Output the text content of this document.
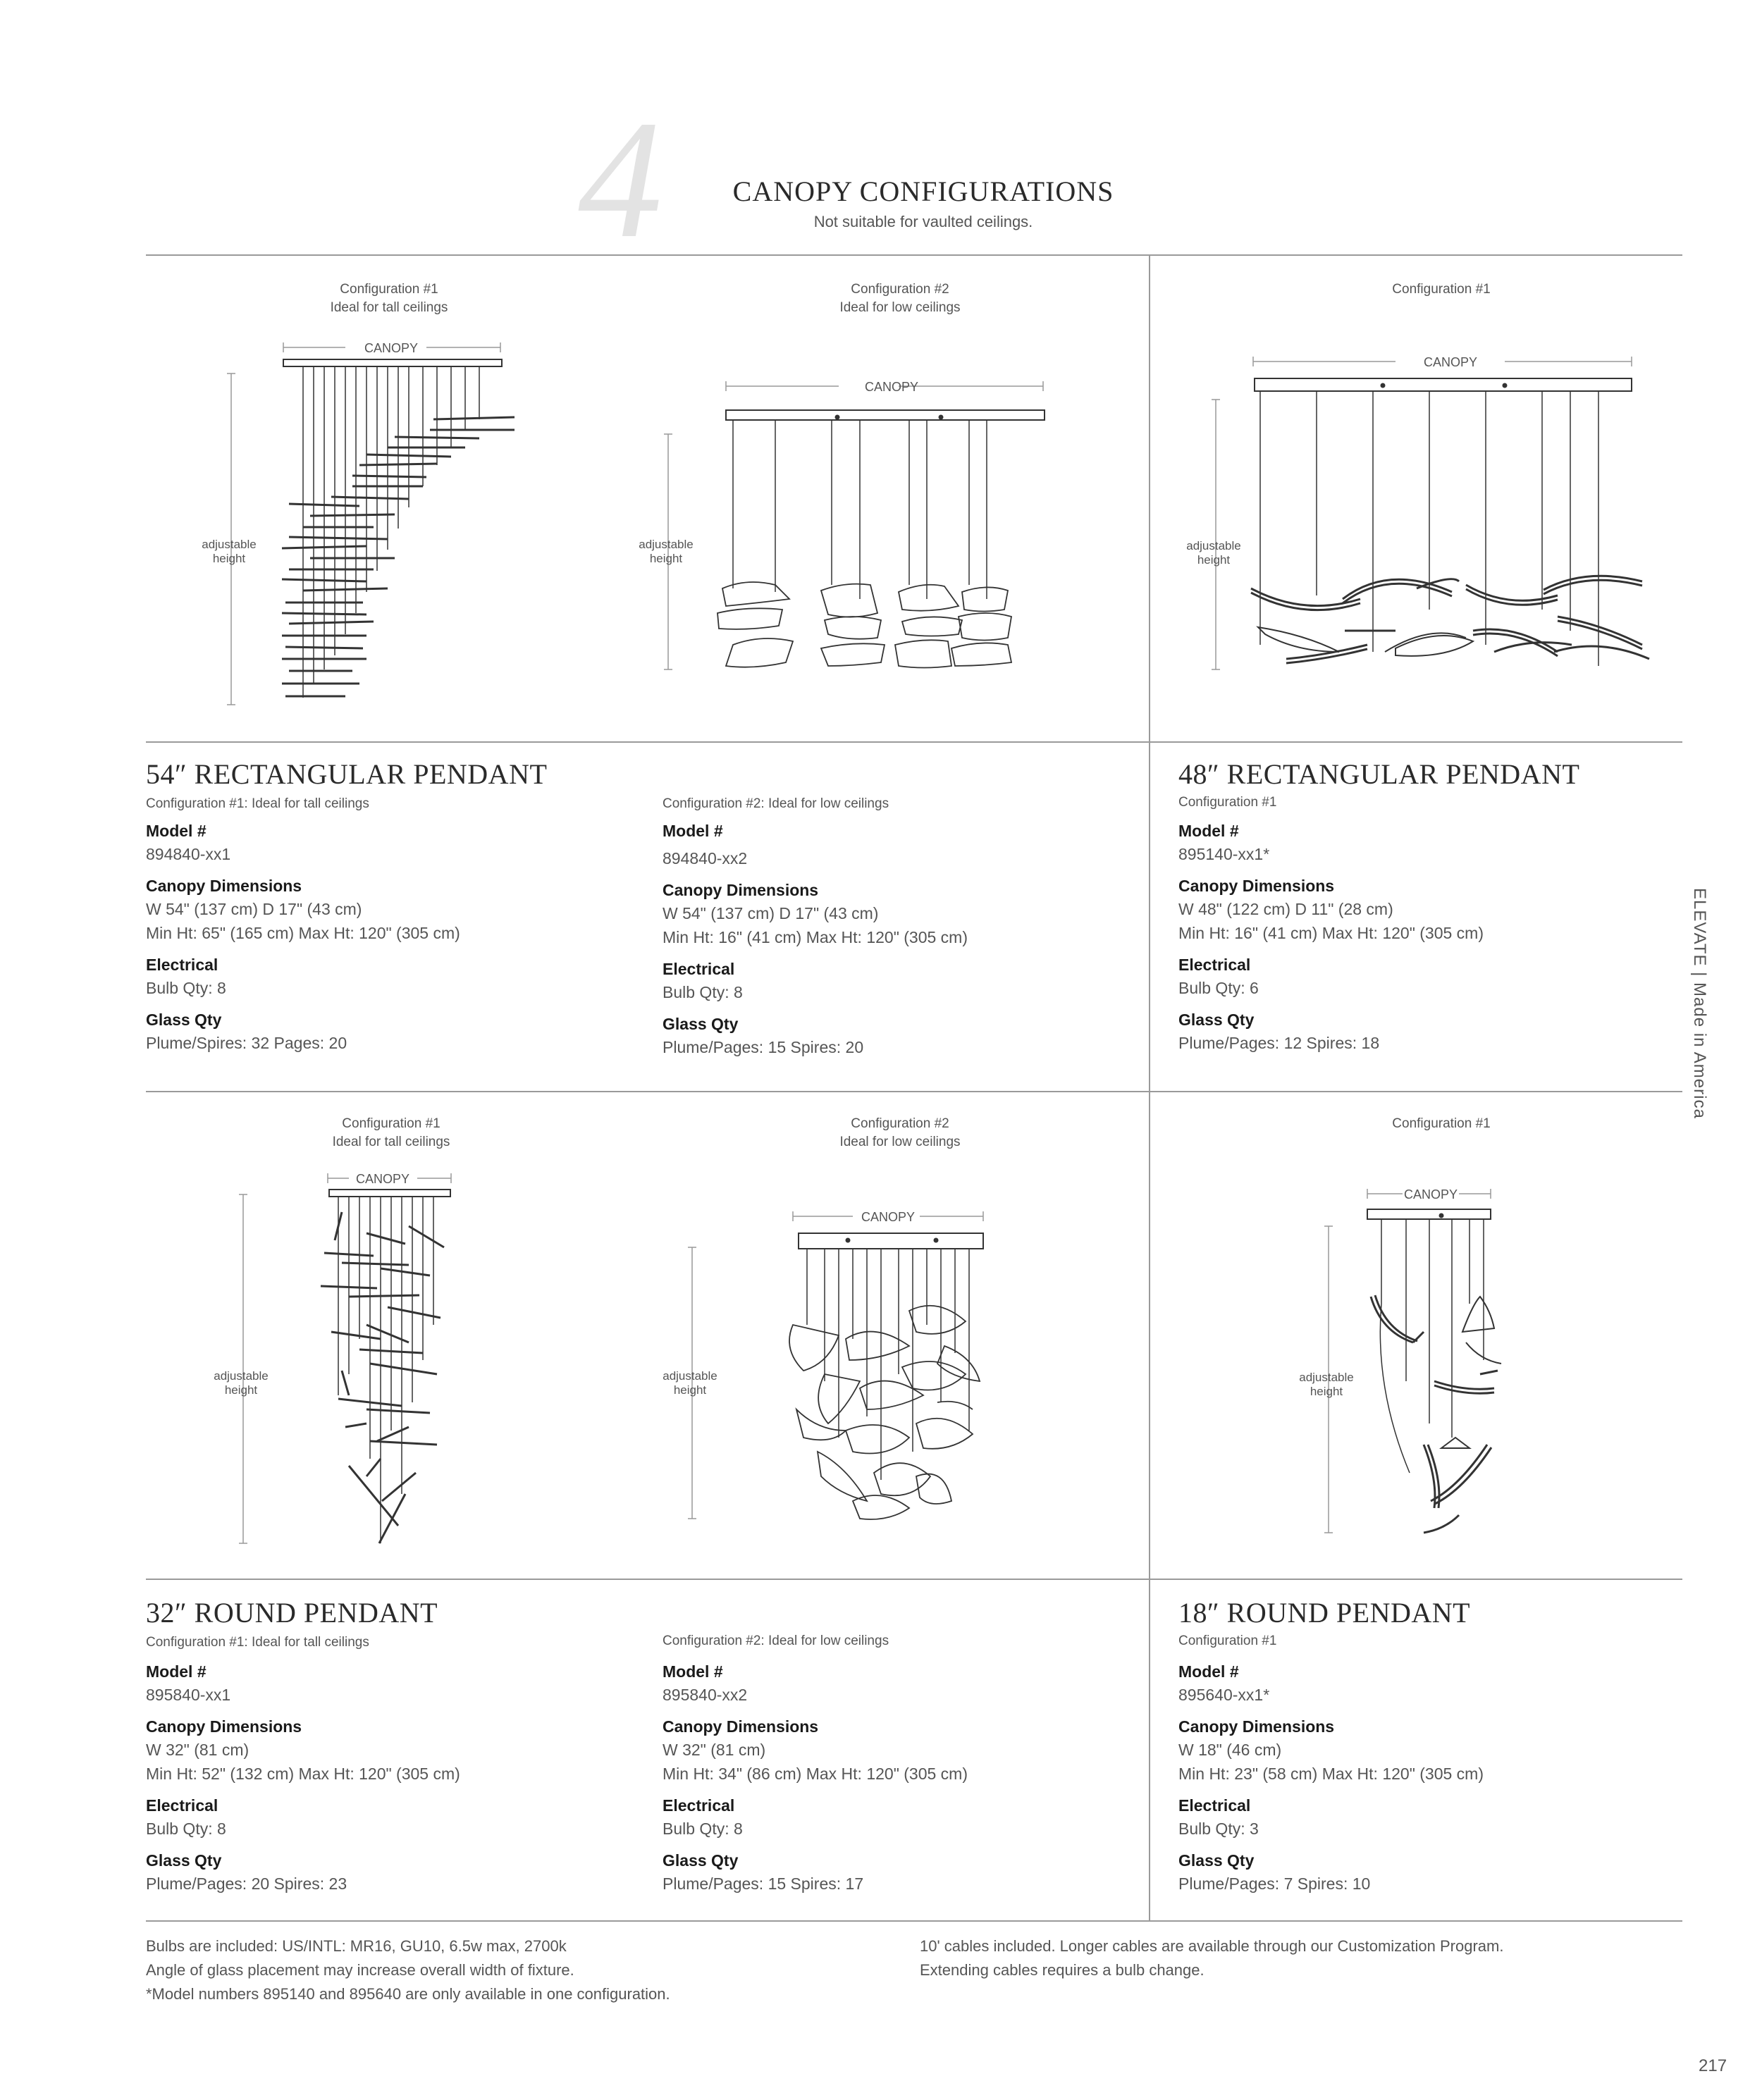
4	CANOPY CONFIGURATIONS
Not suitable for vaulted ceilings.
Configuration #1
Ideal for tall ceilings
Configuration #2
Ideal for low ceilings
Configuration #1
CANOPY
adjustable
height
CANOPY
adjustable
height
CANOPY
adjustable
height
54″ RECTANGULAR PENDANT
Configuration #1: Ideal for tall ceilings
Model #
894840-xx1
Canopy Dimensions
W 54" (137 cm) D 17" (43 cm)
Min Ht: 65" (165 cm) Max Ht: 120" (305 cm)
Electrical
Bulb Qty: 8
Glass Qty
Plume/Spires: 32 Pages: 20
Configuration #2: Ideal for low ceilings
Model #
894840-xx2
Canopy Dimensions
W 54" (137 cm) D 17" (43 cm)
Min Ht: 16" (41 cm) Max Ht: 120" (305 cm)
Electrical
Bulb Qty: 8
Glass Qty
Plume/Pages: 15 Spires: 20
48″ RECTANGULAR PENDANT
Configuration #1
Model #
895140-xx1*
Canopy Dimensions
W 48" (122 cm) D 11" (28 cm)
Min Ht: 16" (41 cm) Max Ht: 120" (305 cm)
Electrical
Bulb Qty: 6
Glass Qty
Plume/Pages: 12 Spires: 18
Configuration #1
Ideal for tall ceilings
Configuration #2
Ideal for low ceilings
Configuration #1
CANOPY
adjustable
height
CANOPY
adjustable
height
CANOPY
adjustable
height
32″ ROUND PENDANT
Configuration #1: Ideal for tall ceilings
Model #
895840-xx1
Canopy Dimensions
W 32" (81 cm)
Min Ht: 52" (132 cm) Max Ht: 120" (305 cm)
Electrical
Bulb Qty: 8
Glass Qty
Plume/Pages: 20 Spires: 23
Configuration #2: Ideal for low ceilings
Model #
895840-xx2
Canopy Dimensions
W 32" (81 cm)
Min Ht: 34" (86 cm) Max Ht: 120" (305 cm)
Electrical
Bulb Qty: 8
Glass Qty
Plume/Pages: 15 Spires: 17
18″ ROUND PENDANT
Configuration #1
Model #
895640-xx1*
Canopy Dimensions
W 18" (46 cm)
Min Ht: 23" (58 cm) Max Ht: 120" (305 cm)
Electrical
Bulb Qty: 3
Glass Qty
Plume/Pages: 7 Spires: 10
Bulbs are included: US/INTL: MR16, GU10, 6.5w max, 2700k
Angle of glass placement may increase overall width of fixture.
*Model numbers 895140 and 895640 are only available in one configuration.
10' cables included. Longer cables are available through our Customization Program.
Extending cables requires a bulb change.
ELEVATE | Made in America
217
